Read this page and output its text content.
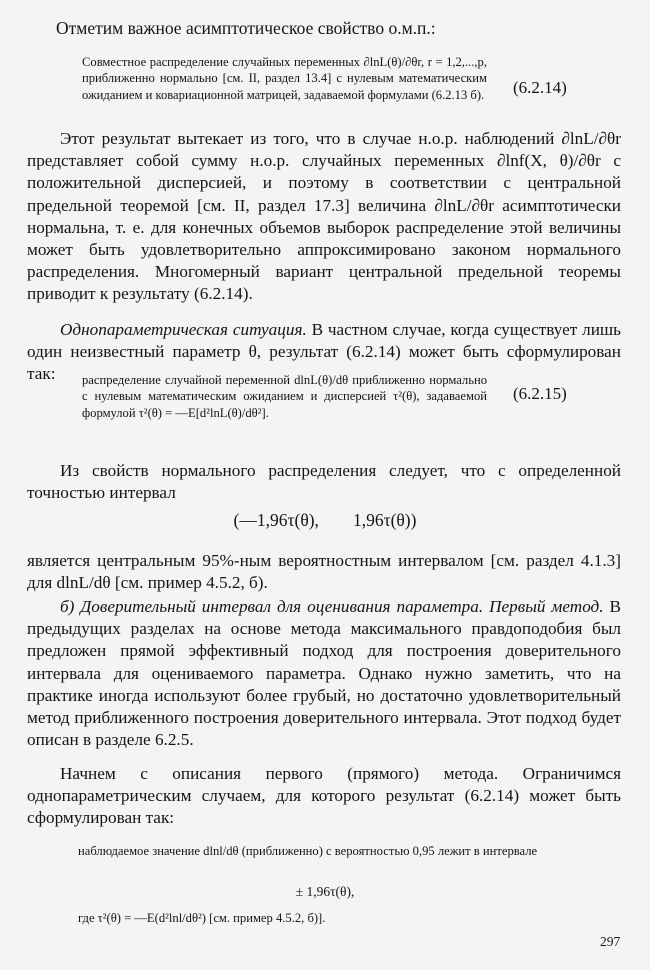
Отметим важное асимптотическое свойство о.м.п.:
Совместное распределение случайных переменных ∂lnL(θ)/∂θr, r = 1,2,...,p, приближенно нормально [см. II, раздел 13.4] с нулевым математическим ожиданием и ковариационной матрицей, задаваемой формулами (6.2.13 б). (6.2.14)
Этот результат вытекает из того, что в случае н.о.р. наблюдений ∂lnL/∂θr представляет собой сумму н.о.р. случайных переменных ∂lnf(X, θ)/∂θr с положительной дисперсией, и поэтому в соответствии с центральной предельной теоремой [см. II, раздел 17.3] величина ∂lnL/∂θr асимптотически нормальна, т. е. для конечных объемов выборок распределение этой величины может быть удовлетворительно аппроксимировано законом нормального распределения. Многомерный вариант центральной предельной теоремы приводит к результату (6.2.14).
Однопараметрическая ситуация. В частном случае, когда существует лишь один неизвестный параметр θ, результат (6.2.14) может быть сформулирован так:	распределение случайной переменной dlnL(θ)/dθ приближенно нормально с нулевым математическим ожиданием и дисперсией τ²(θ), задаваемой формулой τ²(θ) = —E[d²lnL(θ)/dθ²].
(6.2.15)
Из свойств нормального распределения следует, что с определенной точностью интервал
(—1,96τ(θ), 1,96τ(θ))
является центральным 95%-ным вероятностным интервалом [см. раздел 4.1.3] для dlnL/dθ [см. пример 4.5.2, б).
б) Доверительный интервал для оценивания параметра. Первый метод. В предыдущих разделах на основе метода максимального правдоподобия был предложен прямой эффективный подход для построения доверительного интервала для оцениваемого параметра. Однако нужно заметить, что на практике иногда используют более грубый, но достаточно удовлетворительный метод приближенного построения доверительного интервала. Этот подход будет описан в разделе 6.2.5.
Начнем с описания первого (прямого) метода. Ограничимся однопараметрическим случаем, для которого результат (6.2.14) может быть сформулирован так:
наблюдаемое значение dlnl/dθ (приближенно) с вероятностью 0,95 лежит в интервале
± 1,96τ(θ),
где τ²(θ) = —E(d²lnl/dθ²) [см. пример 4.5.2, б)].
297
